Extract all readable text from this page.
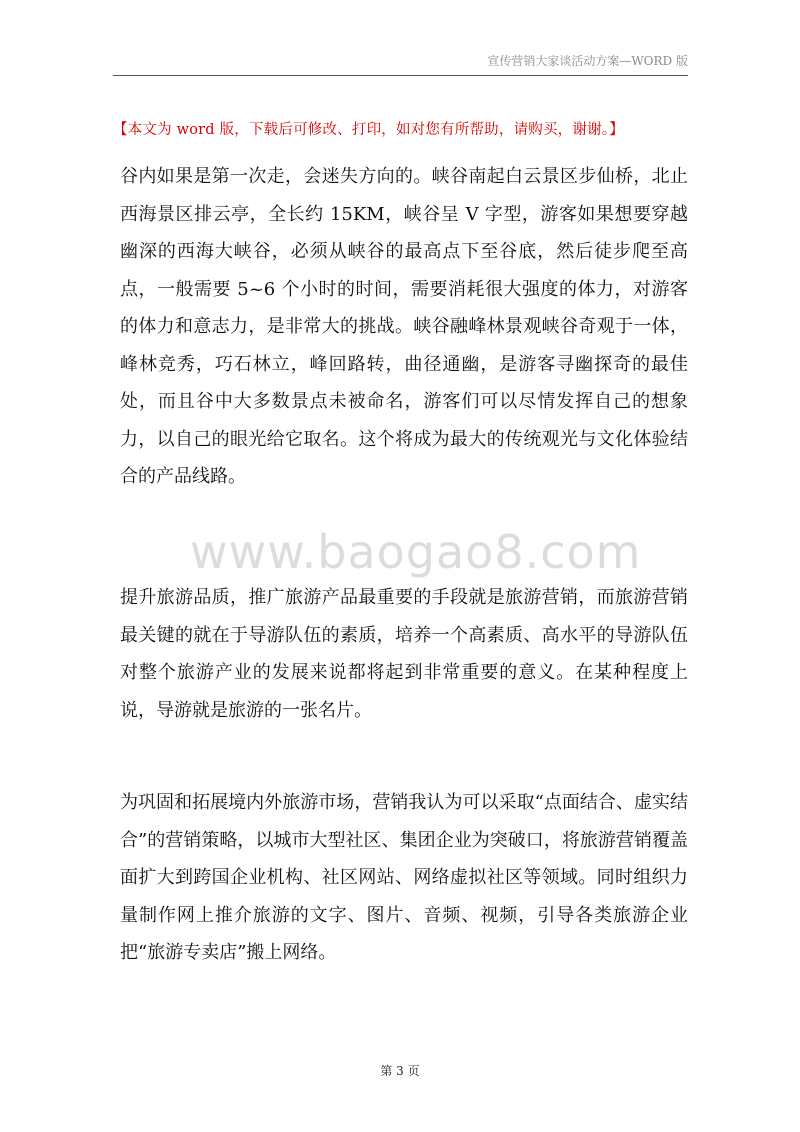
宣传营销大家谈活动方案—WORD 版
【本文为 word 版，下载后可修改、打印，如对您有所帮助，请购买，谢谢。】

谷内如果是第一次走，会迷失方向的。峡谷南起白云景区步仙桥，北止西海景区排云亭，全长约 15KM，峡谷呈 V 字型，游客如果想要穿越幽深的西海大峡谷，必须从峡谷的最高点下至谷底，然后徒步爬至高点，一般需要 5~6 个小时的时间，需要消耗很大强度的体力，对游客的体力和意志力，是非常大的挑战。峡谷融峰林景观峡谷奇观于一体，峰林竞秀，巧石林立，峰回路转，曲径通幽，是游客寻幽探奇的最佳处，而且谷中大多数景点未被命名，游客们可以尽情发挥自己的想象力，以自己的眼光给它取名。这个将成为最大的传统观光与文化体验结合的产品线路。

www.baogao8.com

提升旅游品质，推广旅游产品最重要的手段就是旅游营销，而旅游营销最关键的就在于导游队伍的素质，培养一个高素质、高水平的导游队伍对整个旅游产业的发展来说都将起到非常重要的意义。在某种程度上说，导游就是旅游的一张名片。

为巩固和拓展境内外旅游市场，营销我认为可以采取“点面结合、虚实结合”的营销策略，以城市大型社区、集团企业为突破口，将旅游营销覆盖面扩大到跨国企业机构、社区网站、网络虚拟社区等领域。同时组织力量制作网上推介旅游的文字、图片、音频、视频，引导各类旅游企业把“旅游专卖店”搬上网络。

第 3 页
